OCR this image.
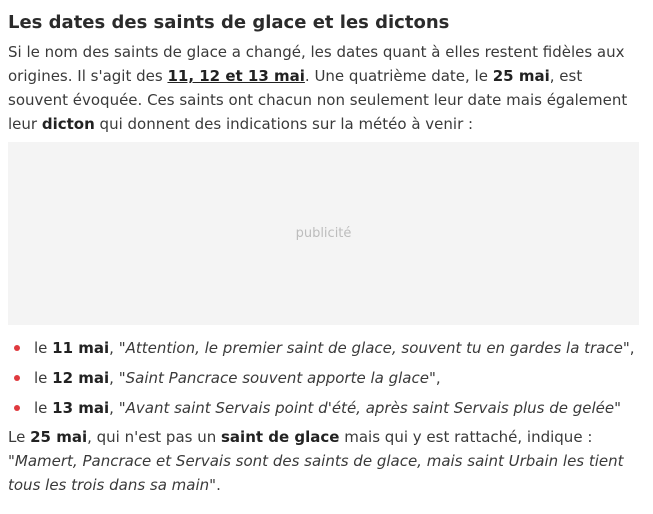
Les dates des saints de glace et les dictons

Si le nom des saints de glace a changé, les dates quant à elles restent fidèles aux origines. Il s'agit des 11, 12 et 13 mai. Une quatrième date, le 25 mai, est souvent évoquée. Ces saints ont chacun non seulement leur date mais également leur dicton qui donnent des indications sur la météo à venir :

publicité
le 11 mai, "Attention, le premier saint de glace, souvent tu en gardes la trace",
le 12 mai, "Saint Pancrace souvent apporte la glace",
le 13 mai, "Avant saint Servais point d'été, après saint Servais plus de gelée"

Le 25 mai, qui n'est pas un saint de glace mais qui y est rattaché, indique : "Mamert, Pancrace et Servais sont des saints de glace, mais saint Urbain les tient tous les trois dans sa main".
